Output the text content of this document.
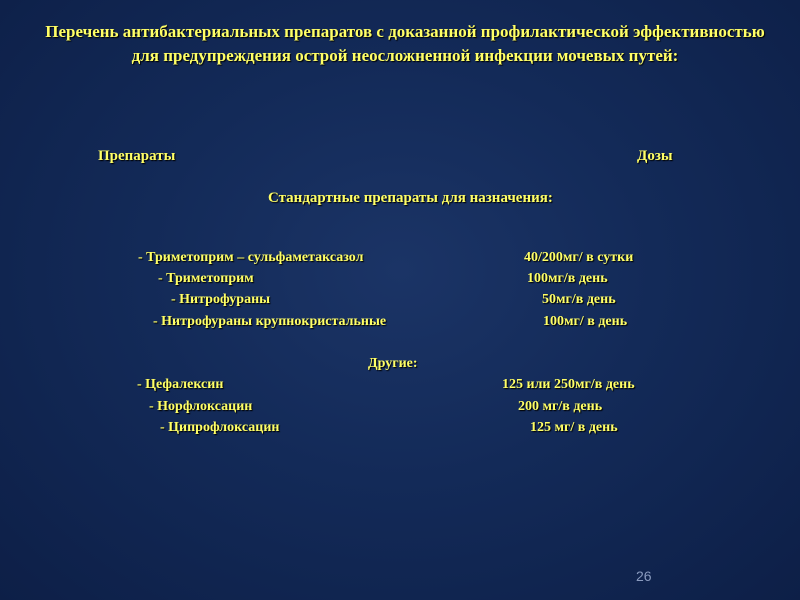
Перечень антибактериальных препаратов с доказанной профилактической эффективностью для предупреждения острой неосложненной инфекции мочевых путей:
Препараты	Дозы
Стандартные препараты для назначения:
- Триметоприм – сульфаметаксазол	40/200мг/ в сутки
- Триметоприм	100мг/в день
- Нитрофураны	50мг/в день
- Нитрофураны крупнокристальные	100мг/ в день
Другие:
- Цефалексин	125 или 250мг/в день
- Норфлоксацин	200 мг/в день
- Ципрофлоксацин	125 мг/ в день
26
